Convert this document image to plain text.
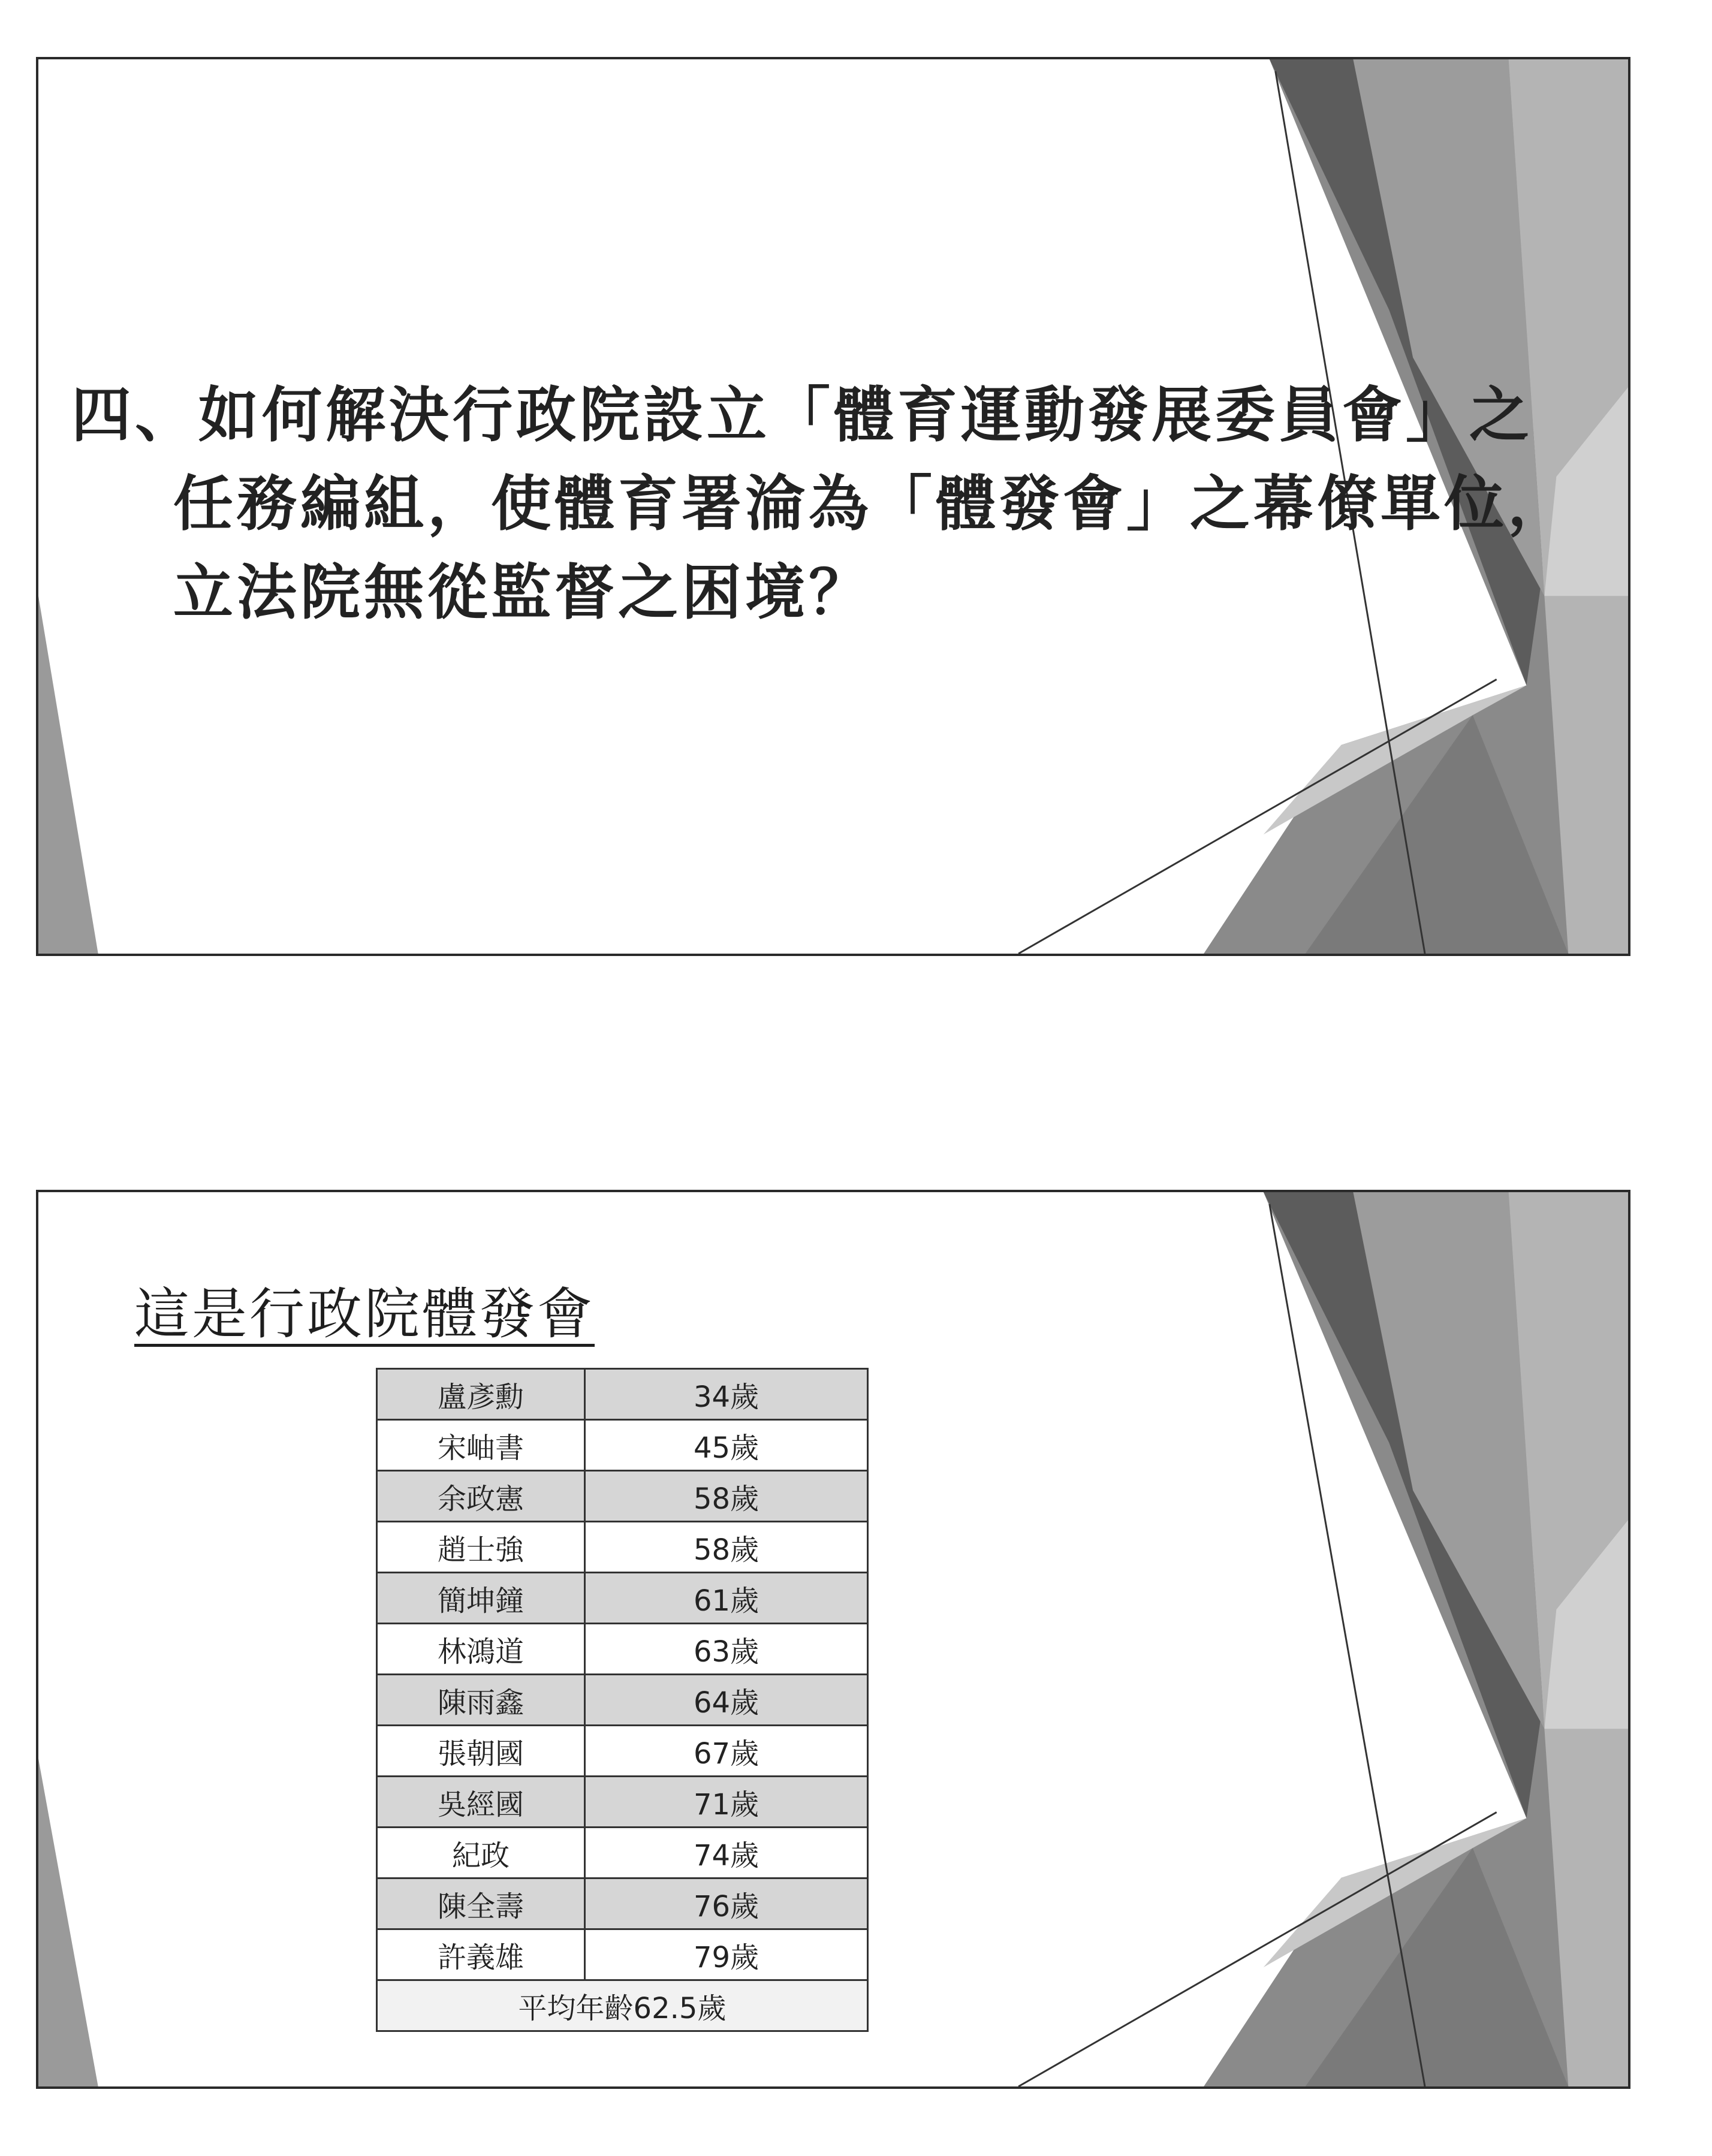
四、如何解決行政院設立「體育運動發展委員會」之任務編組，使體育署淪為「體發會」之幕僚單位，立法院無從監督之困境？
這是行政院體發會
盧彥勳	34歲
宋岫書	45歲
余政憲	58歲
趙士強	58歲
簡坤鐘	61歲
林鴻道	63歲
陳雨鑫	64歲
張朝國	67歲
吳經國	71歲
紀政	74歲
陳全壽	76歲
許義雄	79歲
平均年齡62.5歲	
